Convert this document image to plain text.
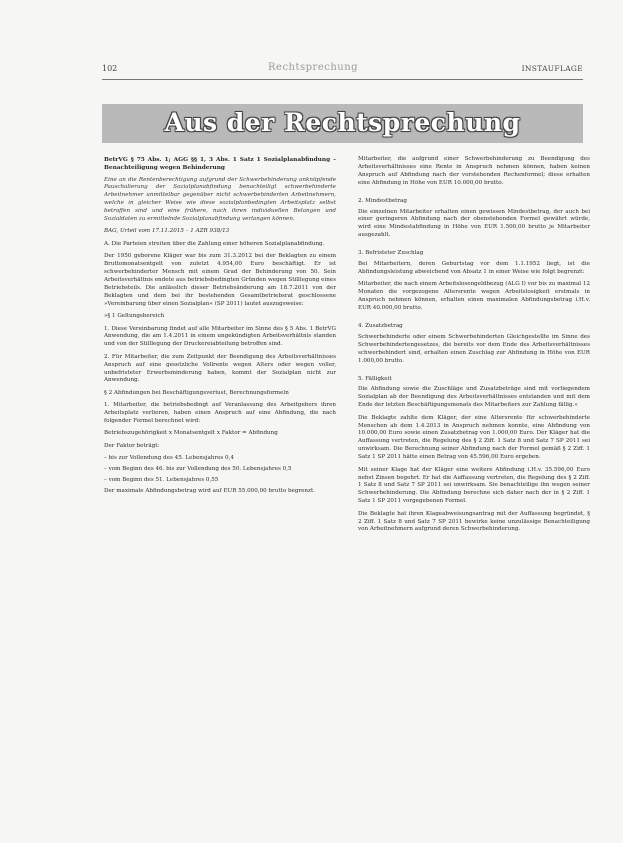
102	Rechtsprechung	INSTAUFLAGE
Aus der Rechtsprechung

BetrVG § 75 Abs. 1; AGG §§ 1, 3 Abs. 1 Satz 1 Sozialplanabfindung – Benachteiligung wegen Behinderung

Eine an die Rentenberechtigung aufgrund der Schwerbehinderung anknüpfende Pauschalierung der Sozialplanabfindung benachteiligt schwerbehinderte Arbeitnehmer unmittelbar gegenüber nicht schwerbehinderten Arbeitnehmern, welche in gleicher Weise wie diese sozialplanbedingten Arbeitsplatz selbst betroffen sind und eine frühere, nach ihren individuellen Belangen und Sozialdaten zu ermittelnde Sozialplanabfindung verlangen können.

BAG, Urteil vom 17.11.2015 – 1 AZR 938/13

A. Die Parteien streiten über die Zahlung einer höheren Sozialplanabfindung.

Der 1950 geborene Kläger war bis zum 31.3.2012 bei der Beklagten zu einem Bruttomonatsentgelt von zuletzt 4.954,00 Euro beschäftigt. Er ist schwerbehinderter Mensch mit einem Grad der Behinderung von 50. Sein Arbeitsverhältnis endete aus betriebsbedingten Gründen wegen Stilllegung eines Betriebsteils. Die anlässlich dieser Betriebsänderung am 18.7.2011 von der Beklagten und dem bei ihr bestehenden Gesamtbetriebsrat geschlossene »Vereinbarung über einen Sozialplan« (SP 2011) lautet auszugsweise:

»§ 1 Geltungsbereich

1. Diese Vereinbarung findet auf alle Mitarbeiter im Sinne des § 5 Abs. 1 BetrVG Anwendung, die am 1.4.2011 in einem ungekündigten Arbeitsverhältnis standen und von der Stilllegung der Druckereiabteilung betroffen sind.

2. Für Mitarbeiter, die zum Zeitpunkt der Beendigung des Arbeitsverhältnisses Anspruch auf eine gesetzliche Vollrente wegen Alters oder wegen voller, unbefristeter Erwerbsminderung haben, kommt der Sozialplan nicht zur Anwendung.

§ 2 Abfindungen bei Beschäftigungsverlust, Berechnungsformeln

1. Mitarbeiter, die betriebsbedingt auf Veranlassung des Arbeitgebers ihren Arbeitsplatz verlieren, haben einen Anspruch auf eine Abfindung, die nach folgender Formel berechnet wird:

Betriebszugehörigkeit x Monatsentgelt x Faktor = Abfindung

Der Faktor beträgt:

– bis zur Vollendung des 45. Lebensjahres 0,4

– vom Beginn des 46. bis zur Vollendung des 50. Lebensjahres 0,5

– vom Beginn des 51. Lebensjahres 0,55

Der maximale Abfindungsbetrag wird auf EUR 55.000,00 brutto begrenzt.

Mitarbeiter, die aufgrund einer Schwerbehinderung zu Beendigung des Arbeitsverhältnisses eine Rente in Anspruch nehmen können, haben keinen Anspruch auf Abfindung nach der vorstehenden Rechenformel; diese erhalten eine Abfindung in Höhe von EUR 10.000,00 brutto.

2. Mindestbetrag

Die einzelnen Mitarbeiter erhalten einen gewissen Mindestbetrag, der auch bei einer geringeren Abfindung nach der obenstehenden Formel gewährt würde, wird eine Mindestabfindung in Höhe von EUR 1.500,00 brutto je Mitarbeiter ausgezahlt.

3. Befristeter Zuschlag

Bei Mitarbeitern, deren Geburtstag vor dem 1.1.1952 liegt, ist die Abfindungsleistung abweichend von Absatz 1 in einer Weise wie folgt begrenzt:

Mitarbeiter, die nach einem Arbeitslosengeldbezug (ALG I) vor bis zu maximal 12 Monaten die vorgezogene Altersrente wegen Arbeitslosigkeit erstmals in Anspruch nehmen können, erhalten einen maximalen Abfindungsbetrag i.H.v. EUR 40.000,00 brutto.

4. Zusatzbetrag

Schwerbehinderte oder einem Schwerbehinderten Gleichgestellte im Sinne des Schwerbehindertengesetzes, die bereits vor dem Ende des Arbeitsverhältnisses schwerbehindert sind, erhalten einen Zuschlag zur Abfindung in Höhe von EUR 1.000,00 brutto.

5. Fälligkeit

Die Abfindung sowie die Zuschläge und Zusatzbeträge sind mit vorliegendem Sozialplan ab der Beendigung des Arbeitsverhältnisses entstanden und mit dem Ende der letzten Beschäftigungsmonats des Mitarbeiters zur Zahlung fällig.«

Die Beklagte zahlte dem Kläger, der eine Altersrente für schwerbehinderte Menschen ab dem 1.4.2013 in Anspruch nehmen konnte, eine Abfindung von 10.000,00 Euro sowie einen Zusatzbetrag von 1.000,00 Euro. Der Kläger hat die Auffassung vertreten, die Regelung des § 2 Ziff. 1 Satz 8 und Satz 7 SP 2011 sei unwirksam. Die Berechnung seiner Abfindung nach der Formel gemäß § 2 Ziff. 1 Satz 1 SP 2011 hätte einen Betrag von 45.596,00 Euro ergeben.

Mit seiner Klage hat der Kläger eine weitere Abfindung i.H.v. 35.596,00 Euro nebst Zinsen begehrt. Er hat die Auffassung vertreten, die Regelung des § 2 Ziff. 1 Satz 8 und Satz 7 SP 2011 sei unwirksam. Sie benachteilige ihn wegen seiner Schwerbehinderung. Die Abfindung berechne sich daher nach der in § 2 Ziff. 1 Satz 1 SP 2011 vorgegebenen Formel.

Die Beklagte hat ihren Klageabweisungsantrag mit der Auffassung begründet, § 2 Ziff. 1 Satz 8 und Satz 7 SP 2011 bewirke keine unzulässige Benachteiligung von Arbeitnehmern aufgrund deren Schwerbehinderung.
